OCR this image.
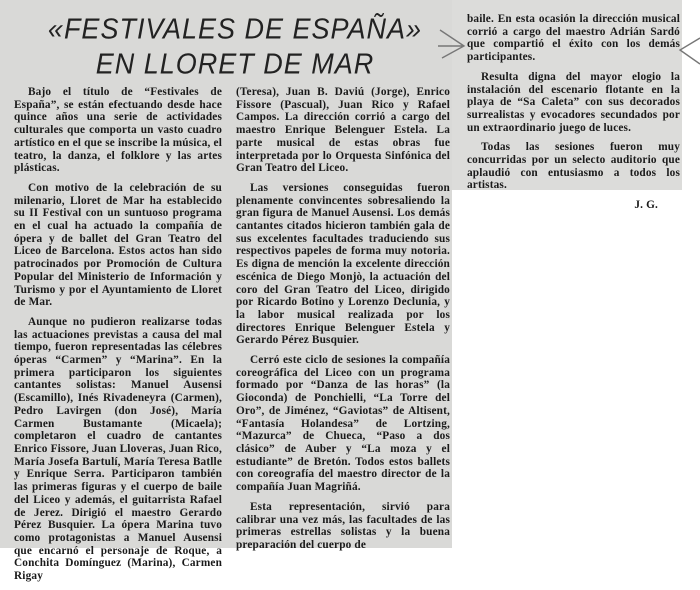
«FESTIVALES DE ESPAÑA» EN LLORET DE MAR

Bajo el título de “Festivales de España”, se están efectuando desde hace quince años una serie de actividades culturales que comporta un vasto cuadro artístico en el que se inscribe la música, el teatro, la danza, el folklore y las artes plásticas.

Con motivo de la celebración de su milenario, Lloret de Mar ha establecido su II Festival con un suntuoso programa en el cual ha actuado la compañía de ópera y de ballet del Gran Teatro del Liceo de Barcelona. Estos actos han sido patrocinados por Promoción de Cultura Popular del Ministerio de Información y Turismo y por el Ayuntamiento de Lloret de Mar.

Aunque no pudieron realizarse todas las actuaciones previstas a causa del mal tiempo, fueron representadas las célebres óperas “Carmen” y “Marina”. En la primera participaron los siguientes cantantes solistas: Manuel Ausensi (Escamillo), Inés Rivadeneyra (Carmen), Pedro Lavirgen (don José), María Carmen Bustamante (Micaela); completaron el cuadro de cantantes Enrico Fissore, Juan Lloveras, Juan Rico, María Josefa Bartulí, María Teresa Batlle y Enrique Serra. Participaron también las primeras figuras y el cuerpo de baile del Liceo y además, el guitarrista Rafael de Jerez. Dirigió el maestro Gerardo Pérez Busquier. La ópera Marina tuvo como protagonistas a Manuel Ausensi que encarnó el personaje de Roque, a Conchita Domínguez (Marina), Carmen Rigay

(Teresa), Juan B. Daviú (Jorge), Enrico Fissore (Pascual), Juan Rico y Rafael Campos. La dirección corrió a cargo del maestro Enrique Belenguer Estela. La parte musical de estas obras fue interpretada por lo Orquesta Sinfónica del Gran Teatro del Liceo.

Las versiones conseguidas fueron plenamente convincentes sobresaliendo la gran figura de Manuel Ausensi. Los demás cantantes citados hicieron también gala de sus excelentes facultades traduciendo sus respectivos papeles de forma muy notoria. Es digna de mención la excelente dirección escénica de Diego Monjò, la actuación del coro del Gran Teatro del Liceo, dirigido por Ricardo Botino y Lorenzo Declunia, y la labor musical realizada por los directores Enrique Belenguer Estela y Gerardo Pérez Busquier.

Cerró este ciclo de sesiones la compañía coreográfica del Liceo con un programa formado por “Danza de las horas” (la Gioconda) de Ponchielli, “La Torre del Oro”, de Jiménez, “Gaviotas” de Altisent, “Fantasía Holandesa” de Lortzing, “Mazurca” de Chueca, “Paso a dos clásico” de Auber y “La moza y el estudiante” de Bretón. Todos estos ballets con coreografía del maestro director de la compañía Juan Magriñá.

Esta representación, sirvió para calibrar una vez más, las facultades de las primeras estrellas solistas y la buena preparación del cuerpo de

baile. En esta ocasión la dirección musical corrió a cargo del maestro Adrián Sardó que compartió el éxito con los demás participantes.

Resulta digna del mayor elogio la instalación del escenario flotante en la playa de “Sa Caleta” con sus decorados surrealistas y evocadores secundados por un extraordinario juego de luces.

Todas las sesiones fueron muy concurridas por un selecto auditorio que aplaudió con entusiasmo a todos los artistas.

J. G.
